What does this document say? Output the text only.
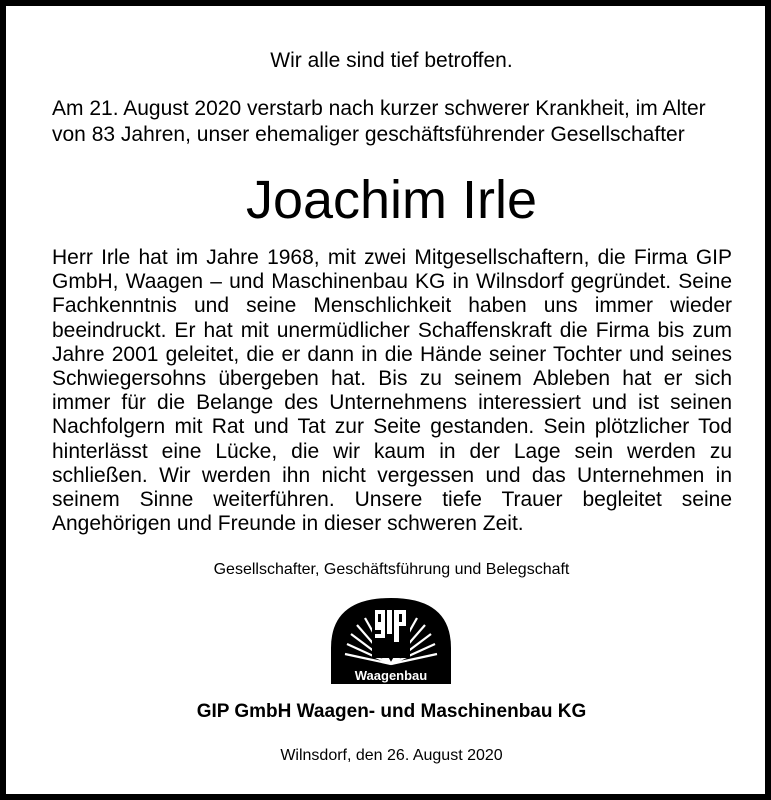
Wir alle sind tief betroffen.
Am 21. August 2020 verstarb nach kurzer schwerer Krankheit, im Alter
von 83 Jahren, unser ehemaliger geschäftsführender Gesellschafter
Joachim Irle
Herr Irle hat im Jahre 1968, mit zwei Mitgesellschaftern, die Firma GIP
GmbH, Waagen – und Maschinenbau KG in Wilnsdorf gegründet. Seine
Fachkenntnis und seine Menschlichkeit haben uns immer wieder
beeindruckt. Er hat mit unermüdlicher Schaffenskraft die Firma bis zum
Jahre 2001 geleitet, die er dann in die Hände seiner Tochter und seines
Schwiegersohns übergeben hat. Bis zu seinem Ableben hat er sich
immer für die Belange des Unternehmens interessiert und ist seinen
Nachfolgern mit Rat und Tat zur Seite gestanden. Sein plötzlicher Tod
hinterlässt eine Lücke, die wir kaum in der Lage sein werden zu
schließen. Wir werden ihn nicht vergessen und das Unternehmen in
seinem Sinne weiterführen. Unsere tiefe Trauer begleitet seine
Angehörigen und Freunde in dieser schweren Zeit.
Gesellschafter, Geschäftsführung und Belegschaft
Waagenbau
GIP GmbH Waagen- und Maschinenbau KG
Wilnsdorf, den 26. August 2020
